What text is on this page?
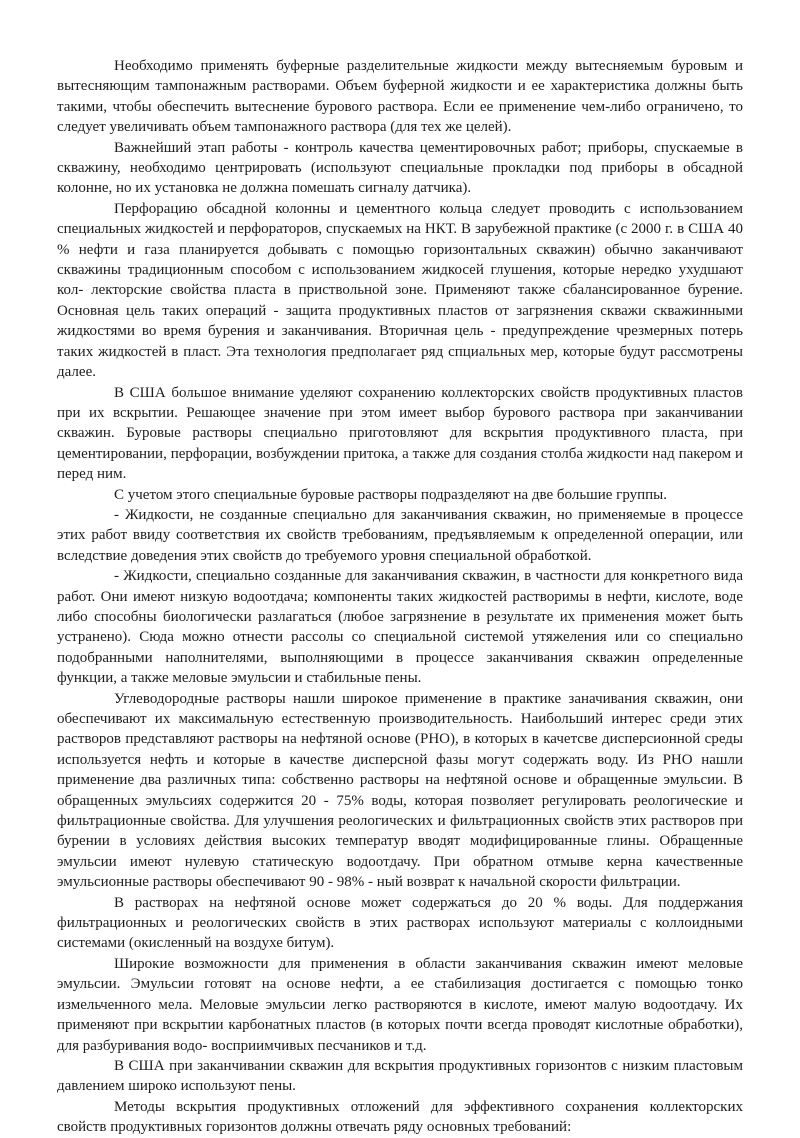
Необходимо применять буферные разделительные жидкости между вытесняемым буровым и вытесняющим тампонажным растворами. Объем буферной жидкости и ее характеристика должны быть такими, чтобы обеспечить вытеснение бурового раствора. Если ее применение чем-либо ограничено, то следует увеличивать объем тампонажного раствора (для тех же целей).

Важнейший этап работы - контроль качества цементировочных работ; приборы, спускаемые в скважину, необходимо центрировать (используют специальные прокладки под приборы в обсадной колонне, но их установка не должна помешать сигналу датчика).

Перфорацию обсадной колонны и цементного кольца следует проводить с использованием специальных жидкостей и перфораторов, спускаемых на НКТ. В зарубежной практике (с 2000 г. в США 40 % нефти и газа планируется добывать с помощью горизонтальных скважин) обычно заканчивают скважины традиционным способом с использованием жидкосей глушения, которые нередко ухудшают кол- лекторские свойства пласта в приствольной зоне. Применяют также сбалансированное бурение. Основная цель таких операций - защита продуктивных пластов от загрязнения скважи скважинными жидкостями во время бурения и заканчивания. Вторичная цель - предупреждение чрезмерных потерь таких жидкостей в пласт. Эта технология предполагает ряд спциальных мер, которые будут рассмотрены далее.

В США большое внимание уделяют сохранению коллекторских свойств продуктивных пластов при их вскрытии. Решающее значение при этом имеет выбор бурового раствора при заканчивании скважин. Буровые растворы специально приготовляют для вскрытия продуктивного пласта, при цементировании, перфорации, возбуждении притока, а также для создания столба жидкости над пакером и перед ним.

С учетом этого специальные буровые растворы подразделяют на две большие группы.

- Жидкости, не созданные специально для заканчивания скважин, но применяемые в процессе этих работ ввиду соответствия их свойств требованиям, предъявляемым к определенной операции, или вследствие доведения этих свойств до требуемого уровня специальной обработкой.

- Жидкости, специально созданные для заканчивания скважин, в частности для конкретного вида работ. Они имеют низкую водоотдача; компоненты таких жидкостей растворимы в нефти, кислоте, воде либо способны биологически разлагаться (любое загрязнение в результате их применения может быть устранено). Сюда можно отнести рассолы со специальной системой утяжеления или со специально подобранными наполнителями, выполняющими в процессе заканчивания скважин определенные функции, а также меловые эмульсии и стабильные пены.

Углеводородные растворы нашли широкое применение в практике заначивания скважин, они обеспечивают их максимальную естественную производительность. Наибольший интерес среди этих растворов представляют растворы на нефтяной основе (РНО), в которых в качетсве дисперсионной среды используется нефть и которые в качестве дисперсной фазы могут содержать воду. Из РНО нашли применение два различных типа: собственно растворы на нефтяной основе и обращенные эмульсии. В обращенных эмульсиях содержится 20 - 75% воды, которая позволяет регулировать реологические и фильтрационные свойства. Для улучшения реологических и фильтрационных свойств этих растворов при бурении в условиях действия высоких температур вводят модифицированные глины. Обращенные эмульсии имеют нулевую статическую водоотдачу. При обратном отмыве керна качественные эмульсионные растворы обеспечивают 90 - 98% - ный возврат к начальной скорости фильтрации.

В растворах на нефтяной основе может содержаться до 20 % воды. Для поддержания фильтрационных и реологических свойств в этих растворах используют материалы с коллоидными системами (окисленный на воздухе битум).

Широкие возможности для применения в области заканчивания скважин имеют меловые эмульсии. Эмульсии готовят на основе нефти, а ее стабилизация достигается с помощью тонко измельченного мела. Меловые эмульсии легко растворяются в кислоте, имеют малую водоотдачу. Их применяют при вскрытии карбонатных пластов (в которых почти всегда проводят кислотные обработки), для разбуривания водо- восприимчивых песчаников и т.д.

В США при заканчивании скважин для вскрытия продуктивных горизонтов с низким пластовым давлением широко используют пены.

Методы вскрытия продуктивных отложений для эффективного сохранения коллекторских свойств продуктивных горизонтов должны отвечать ряду основных требований:
